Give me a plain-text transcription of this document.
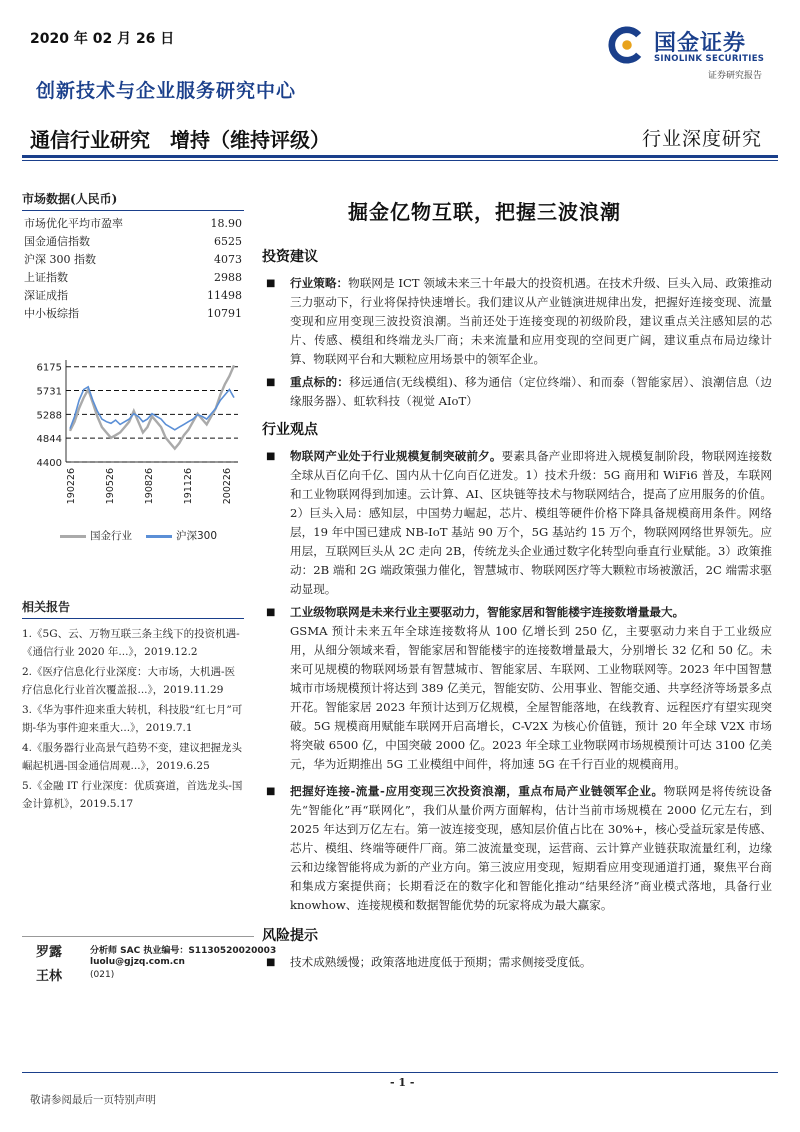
2020 年 02 月 26 日	国金证券
SINOLINK SECURITIES
证券研究报告
创新技术与企业服务研究中心
通信行业研究　增持（维持评级）	行业深度研究
市场数据(人民币)
市场优化平均市盈率	18.90
国金通信指数	6525
沪深 300 指数	4073
上证指数	2988
深证成指	11498
中小板综指	10791
6175
5731
5288
4844
4400
190226	190526	190826	191126	200226
国金行业	沪深300
相关报告

1.《5G、云、万物互联三条主线下的投资机遇-《通信行业 2020 年...》，2019.12.2

2.《医疗信息化行业深度：大市场，大机遇-医疗信息化行业首次覆盖报...》，2019.11.29

3.《华为事件迎来重大转机，科技股“红七月”可期-华为事件迎来重大...》，2019.7.1

4.《服务器行业高景气趋势不变，建议把握龙头崛起机遇-国金通信周观...》，2019.6.25

5.《金融 IT 行业深度：优质赛道，首选龙头-国金计算机》，2019.5.17

罗露	分析师 SAC 执业编号：S1130520020003
luolu@gjzq.com.cn
王林	(021)
掘金亿物互联，把握三波浪潮
投资建议
■ 行业策略：物联网是 ICT 领域未来三十年最大的投资机遇。在技术升级、巨头入局、政策推动三力驱动下，行业将保持快速增长。我们建议从产业链演进规律出发，把握好连接变现、流量变现和应用变现三波投资浪潮。当前还处于连接变现的初级阶段，建议重点关注感知层的芯片、传感、模组和终端龙头厂商；未来流量和应用变现的空间更广阔，建议重点布局边缘计算、物联网平台和大颗粒应用场景中的领军企业。
■ 重点标的：移远通信(无线模组)、移为通信（定位终端）、和而泰（智能家居）、浪潮信息（边缘服务器）、虹软科技（视觉 AIoT）
行业观点
■ 物联网产业处于行业规模复制突破前夕。要素具备产业即将进入规模复制阶段，物联网连接数全球从百亿向千亿、国内从十亿向百亿迸发。1）技术升级：5G 商用和 WiFi6 普及，车联网和工业物联网得到加速。云计算、AI、区块链等技术与物联网结合，提高了应用服务的价值。2）巨头入局：感知层，中国势力崛起，芯片、模组等硬件价格下降具备规模商用条件。网络层，19 年中国已建成 NB-IoT 基站 90 万个，5G 基站约 15 万个，物联网网络世界领先。应用层，互联网巨头从 2C 走向 2B，传统龙头企业通过数字化转型向垂直行业赋能。3）政策推动：2B 端和 2G 端政策强力催化，智慧城市、物联网医疗等大颗粒市场被激活，2C 端需求驱动显现。
■ 工业级物联网是未来行业主要驱动力，智能家居和智能楼宇连接数增量最大。
GSMA 预计未来五年全球连接数将从 100 亿增长到 250 亿，主要驱动力来自于工业级应用，从细分领域来看，智能家居和智能楼宇的连接数增量最大，分别增长 32 亿和 50 亿。未来可见规模的物联网场景有智慧城市、智能家居、车联网、工业物联网等。2023 年中国智慧城市市场规模预计将达到 389 亿美元，智能安防、公用事业、智能交通、共享经济等场景多点开花。智能家居 2023 年预计达到万亿规模，全屋智能落地，在线教育、远程医疗有望实现突破。5G 规模商用赋能车联网开启高增长，C-V2X 为核心价值链，预计 20 年全球 V2X 市场将突破 6500 亿，中国突破 2000 亿。2023 年全球工业物联网市场规模预计可达 3100 亿美元，华为近期推出 5G 工业模组中间件，将加速 5G 在千行百业的规模商用。
■ 把握好连接-流量-应用变现三次投资浪潮，重点布局产业链领军企业。物联网是将传统设备先“智能化”再“联网化”，我们从量价两方面解构，估计当前市场规模在 2000 亿元左右，到 2025 年达到万亿左右。第一波连接变现，感知层价值占比在 30%+，核心受益玩家是传感、芯片、模组、终端等硬件厂商。第二波流量变现，运营商、云计算产业链获取流量红利，边缘云和边缘智能将成为新的产业方向。第三波应用变现，短期看应用变现通道打通，聚焦平台商和集成方案提供商；长期看泛在的数字化和智能化推动“结果经济”商业模式落地，具备行业 knowhow、连接规模和数据智能优势的玩家将成为最大赢家。
风险提示
■ 技术成熟缓慢；政策落地进度低于预期；需求侧接受度低。
- 1 -
敬请参阅最后一页特别声明
